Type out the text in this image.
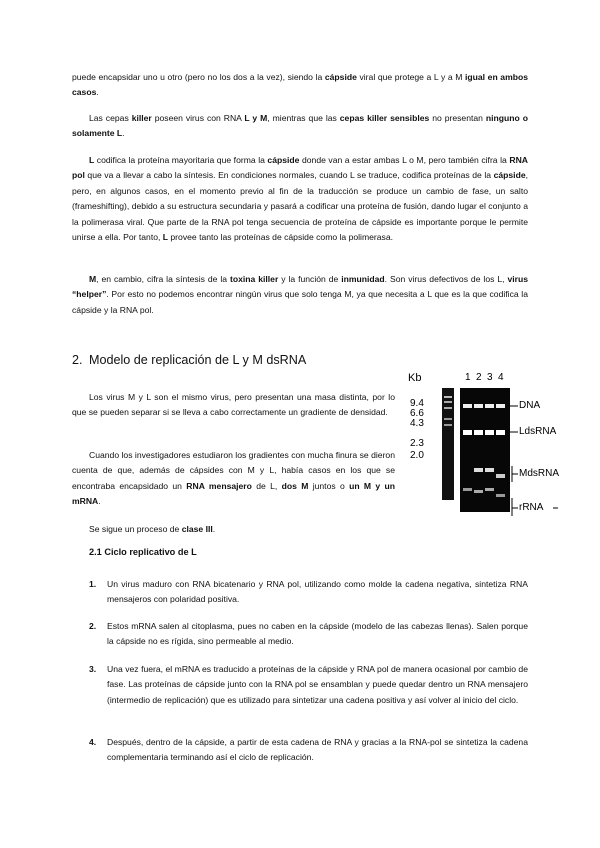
puede encapsidar uno u otro (pero no los dos a la vez), siendo la cápside viral que protege a L y a M igual en ambos casos.

Las cepas killer poseen virus con RNA L y M, mientras que las cepas killer sensibles no presentan ninguno o solamente L.

L codifica la proteína mayoritaria que forma la cápside donde van a estar ambas L o M, pero también cifra la RNA pol que va a llevar a cabo la síntesis. En condiciones normales, cuando L se traduce, codifica proteínas de la cápside, pero, en algunos casos, en el momento previo al fin de la traducción se produce un cambio de fase, un salto (frameshifting), debido a su estructura secundaria y pasará a codificar una proteína de fusión, dando lugar el conjunto a la polimerasa viral. Que parte de la RNA pol tenga secuencia de proteína de cápside es importante porque le permite unirse a ella. Por tanto, L provee tanto las proteínas de cápside como la polimerasa.

M, en cambio, cifra la síntesis de la toxina killer y la función de inmunidad. Son virus defectivos de los L, virus “helper”. Por esto no podemos encontrar ningún virus que solo tenga M, ya que necesita a L que es la que codifica la cápside y la RNA pol.

2. Modelo de replicación de L y M dsRNA

Los virus M y L son el mismo virus, pero presentan una masa distinta, por lo que se pueden separar si se lleva a cabo correctamente un gradiente de densidad.

Cuando los investigadores estudiaron los gradientes con mucha finura se dieron cuenta de que, además de cápsides con M y L, había casos en los que se encontraba encapsidado un RNA mensajero de L, dos M juntos o un M y un mRNA.

Se sigue un proceso de clase III.

2.1 Ciclo replicativo de L

1. Un virus maduro con RNA bicatenario y RNA pol, utilizando como molde la cadena negativa, sintetiza RNA mensajeros con polaridad positiva.

2. Estos mRNA salen al citoplasma, pues no caben en la cápside (modelo de las cabezas llenas). Salen porque la cápside no es rígida, sino permeable al medio.

3. Una vez fuera, el mRNA es traducido a proteínas de la cápside y RNA pol de manera ocasional por cambio de fase. Las proteínas de cápside junto con la RNA pol se ensamblan y puede quedar dentro un RNA mensajero (intermedio de replicación) que es utilizado para sintetizar una cadena positiva y así volver al inicio del ciclo.

4. Después, dentro de la cápside, a partir de esta cadena de RNA y gracias a la RNA-pol se sintetiza la cadena complementaria terminando así el ciclo de replicación.

Kb
9.4
6.6
4.3
2.3
2.0
1 2 3 4
DNA
LdsRNA
MdsRNA
rRNA
